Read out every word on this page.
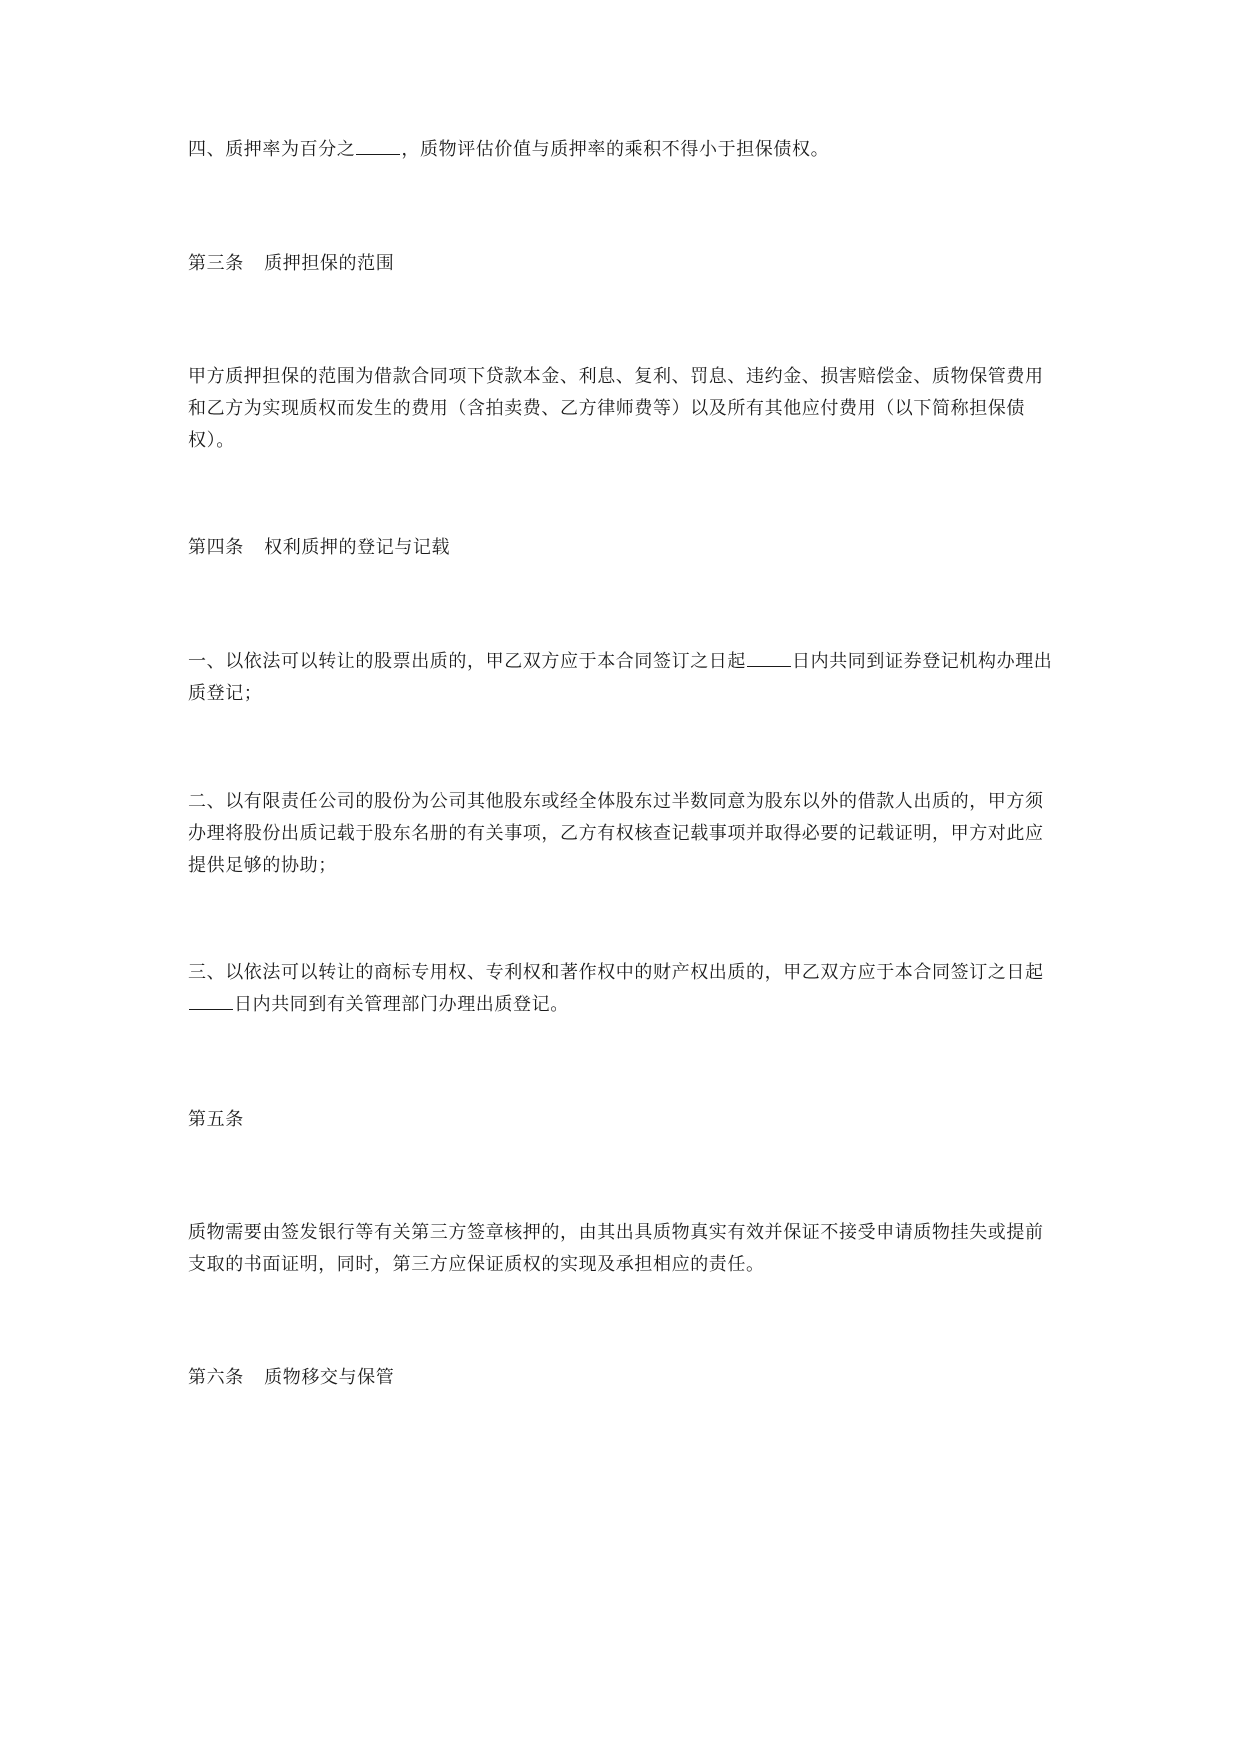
四、质押率为百分之	，质物评估价值与质押率的乘积不得小于担保债权。

第三条 质押担保的范围

甲方质押担保的范围为借款合同项下贷款本金、利息、复利、罚息、违约金、损害赔偿金、质物保管费用
和乙方为实现质权而发生的费用（含拍卖费、乙方律师费等）以及所有其他应付费用（以下简称担保债
权）。

第四条 权利质押的登记与记载

一、以依法可以转让的股票出质的，甲乙双方应于本合同签订之日起	日内共同到证券登记机构办理出
质登记；
二、以有限责任公司的股份为公司其他股东或经全体股东过半数同意为股东以外的借款人出质的，甲方须
办理将股份出质记载于股东名册的有关事项，乙方有权核查记载事项并取得必要的记载证明，甲方对此应
提供足够的协助；
三、以依法可以转让的商标专用权、专利权和著作权中的财产权出质的，甲乙双方应于本合同签订之日起
日内共同到有关管理部门办理出质登记。

第五条

质物需要由签发银行等有关第三方签章核押的，由其出具质物真实有效并保证不接受申请质物挂失或提前
支取的书面证明，同时，第三方应保证质权的实现及承担相应的责任。

第六条 质物移交与保管
